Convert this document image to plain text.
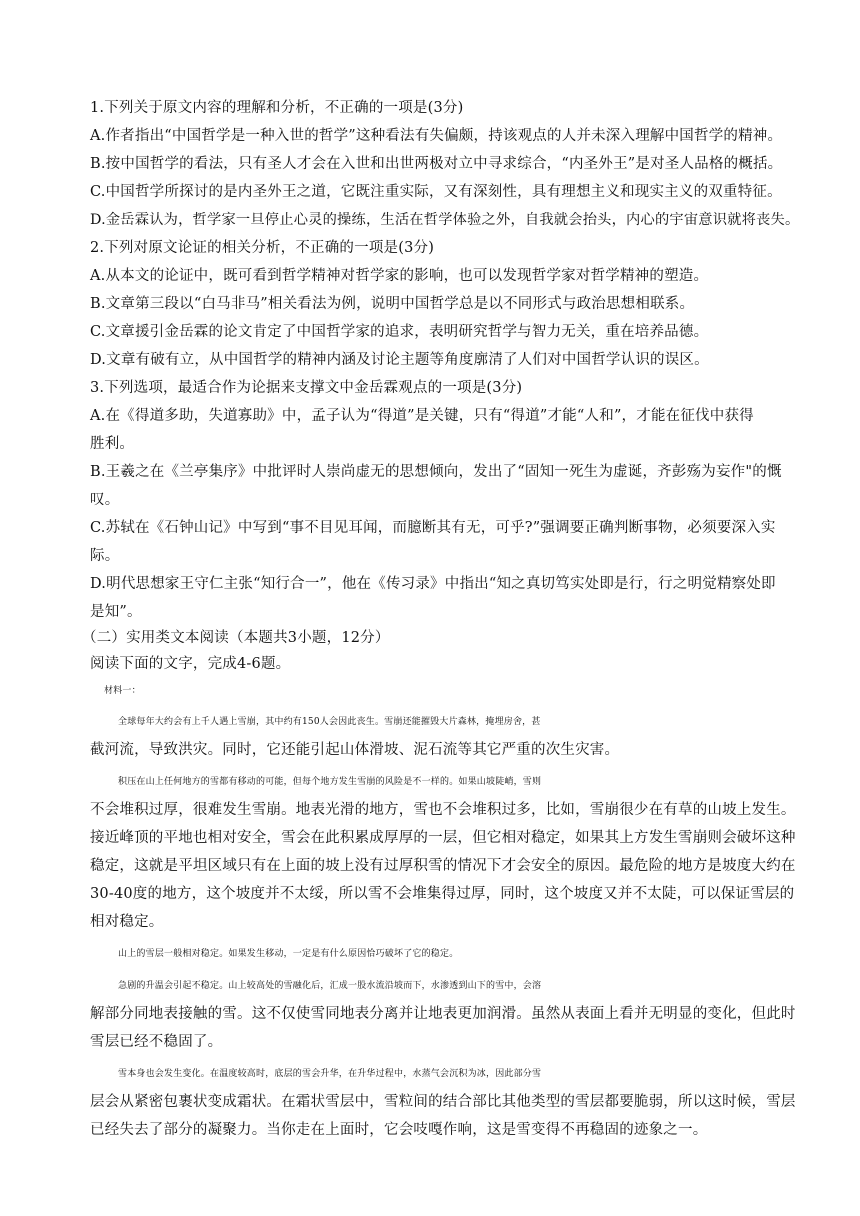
1.下列关于原文内容的理解和分析，不正确的一项是(3分)
A.作者指出“中国哲学是一种入世的哲学”这种看法有失偏颇，持该观点的人并未深入理解中国哲学的精神。
B.按中国哲学的看法，只有圣人才会在入世和出世两极对立中寻求综合，“内圣外王”是对圣人品格的概括。
C.中国哲学所探讨的是内圣外王之道，它既注重实际，又有深刻性，具有理想主义和现实主义的双重特征。
D.金岳霖认为，哲学家一旦停止心灵的操练，生活在哲学体验之外，自我就会抬头，内心的宇宙意识就将丧失。
2.下列对原文论证的相关分析，不正确的一项是(3分)
A.从本文的论证中，既可看到哲学精神对哲学家的影响，也可以发现哲学家对哲学精神的塑造。
B.文章第三段以“白马非马”相关看法为例，说明中国哲学总是以不同形式与政治思想相联系。
C.文章援引金岳霖的论文肯定了中国哲学家的追求，表明研究哲学与智力无关，重在培养品德。
D.文章有破有立，从中国哲学的精神内涵及讨论主题等角度廓清了人们对中国哲学认识的误区。
3.下列选项，最适合作为论据来支撑文中金岳霖观点的一项是(3分)
A.在《得道多助，失道寡助》中，孟子认为“得道”是关键，只有“得道”才能“人和”，才能在征伐中获得
胜利。
B.王羲之在《兰亭集序》中批评时人崇尚虚无的思想倾向，发出了“固知一死生为虚诞，齐彭殇为妄作"的慨
叹。
C.苏轼在《石钟山记》中写到“事不目见耳闻，而臆断其有无，可乎?”强调要正确判断事物，必须要深入实
际。
D.明代思想家王守仁主张“知行合一”，他在《传习录》中指出“知之真切笃实处即是行，行之明觉精察处即
是知”。
（二）实用类文本阅读（本题共3小题，12分）
阅读下面的文字，完成4-6题。
材料一：
全球每年大约会有上千人遇上雪崩，其中约有150人会因此丧生。雪崩还能摧毁大片森林，掩埋房舍，甚
截河流，导致洪灾。同时，它还能引起山体滑坡、泥石流等其它严重的次生灾害。
积压在山上任何地方的雪都有移动的可能，但每个地方发生雪崩的风险是不一样的。如果山坡陡峭，雪则
不会堆积过厚，很难发生雪崩。地表光滑的地方，雪也不会堆积过多，比如，雪崩很少在有草的山坡上发生。
接近峰顶的平地也相对安全，雪会在此积累成厚厚的一层，但它相对稳定，如果其上方发生雪崩则会破坏这种
稳定，这就是平坦区域只有在上面的坡上没有过厚积雪的情况下才会安全的原因。最危险的地方是坡度大约在
30-40度的地方，这个坡度并不太绥，所以雪不会堆集得过厚，同时，这个坡度又并不太陡，可以保证雪层的
相对稳定。
山上的雪层一般相对稳定。如果发生移动，一定是有什么原因恰巧破坏了它的稳定。
急剧的升温会引起不稳定。山上较高处的雪融化后，汇成一股水流沿坡而下，水渗透到山下的雪中，会溶
解部分同地表接触的雪。这不仅使雪同地表分离并让地表更加润滑。虽然从表面上看并无明显的变化，但此时
雪层已经不稳固了。
雪本身也会发生变化。在温度较高时，底层的雪会升华，在升华过程中，水蒸气会沉积为冰，因此部分雪
层会从紧密包裹状变成霜状。在霜状雪层中，雪粒间的结合部比其他类型的雪层都要脆弱，所以这时候，雪层
已经失去了部分的凝聚力。当你走在上面时，它会吱嘎作响，这是雪变得不再稳固的迹象之一。
